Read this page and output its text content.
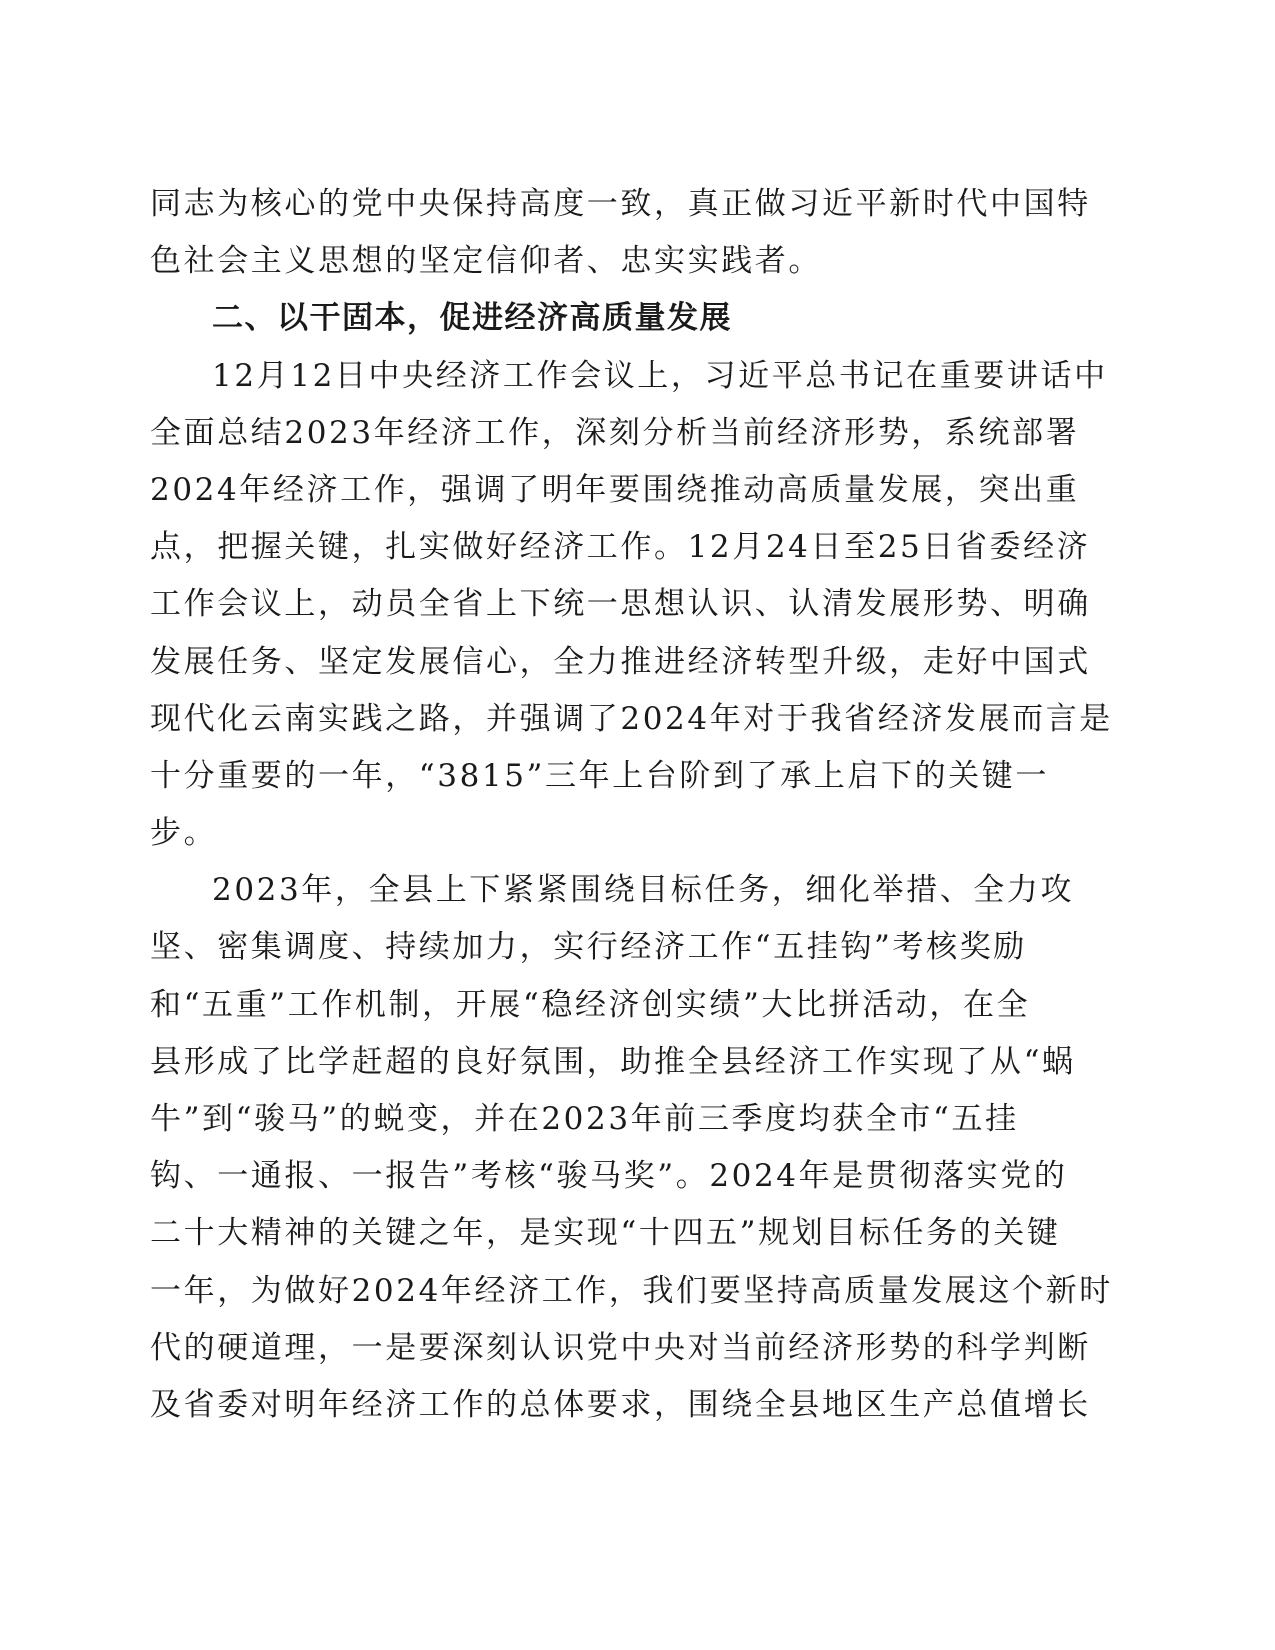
同志为核心的党中央保持高度一致，真正做习近平新时代中国特
色社会主义思想的坚定信仰者、忠实实践者。
二、以干固本，促进经济高质量发展
12月12日中央经济工作会议上，习近平总书记在重要讲话中
全面总结2023年经济工作，深刻分析当前经济形势，系统部署
2024年经济工作，强调了明年要围绕推动高质量发展，突出重
点，把握关键，扎实做好经济工作。12月24日至25日省委经济
工作会议上，动员全省上下统一思想认识、认清发展形势、明确
发展任务、坚定发展信心，全力推进经济转型升级，走好中国式
现代化云南实践之路，并强调了2024年对于我省经济发展而言是
十分重要的一年，“3815”三年上台阶到了承上启下的关键一
步。
2023年，全县上下紧紧围绕目标任务，细化举措、全力攻
坚、密集调度、持续加力，实行经济工作“五挂钩”考核奖励
和“五重”工作机制，开展“稳经济创实绩”大比拼活动，在全
县形成了比学赶超的良好氛围，助推全县经济工作实现了从“蜗
牛”到“骏马”的蜕变，并在2023年前三季度均获全市“五挂
钩、一通报、一报告”考核“骏马奖”。2024年是贯彻落实党的
二十大精神的关键之年，是实现“十四五”规划目标任务的关键
一年，为做好2024年经济工作，我们要坚持高质量发展这个新时
代的硬道理，一是要深刻认识党中央对当前经济形势的科学判断
及省委对明年经济工作的总体要求，围绕全县地区生产总值增长
